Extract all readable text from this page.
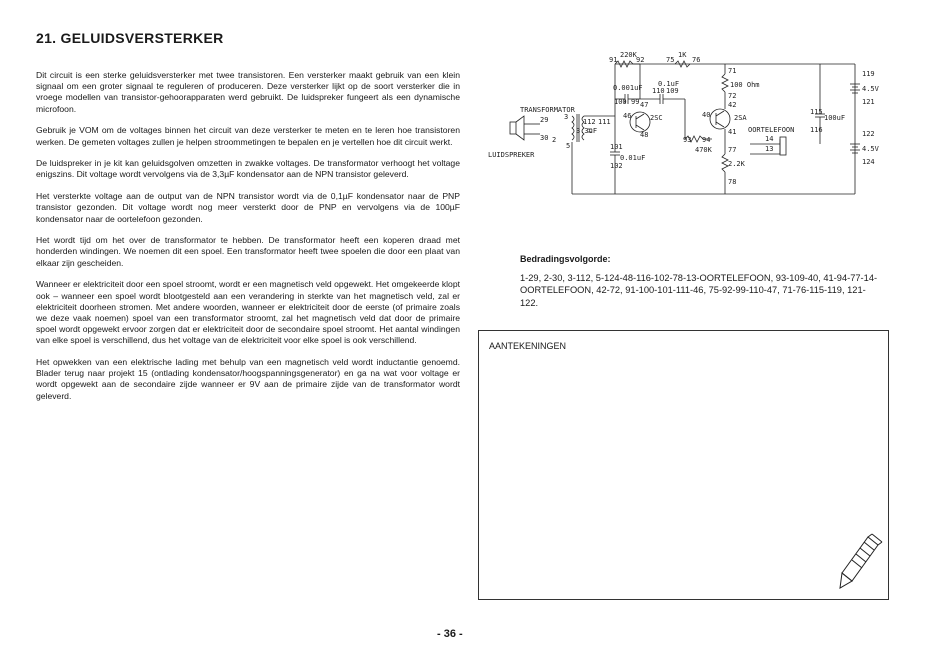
21. GELUIDSVERSTERKER

Dit circuit is een sterke geluidsversterker met twee transistoren. Een versterker maakt gebruik van een klein signaal om een groter signaal te reguleren of produceren. Deze versterker lijkt op de soort versterker die in vroege modellen van transistor-gehoorapparaten werd gebruikt. De luidspreker fungeert als een dynamische microfoon.

Gebruik je VOM om de voltages binnen het circuit van deze versterker te meten en te leren hoe transistoren werken. De gemeten voltages zullen je helpen stroommetingen te bepalen en je vertellen hoe dit circuit werkt.

De luidspreker in je kit kan geluidsgolven omzetten in zwakke voltages. De transformator verhoogt het voltage enigszins. Dit voltage wordt vervolgens via de 3,3µF kondensator aan de NPN transistor geleverd.

Het versterkte voltage aan de output van de NPN transistor wordt via de 0,1µF kondensator naar de PNP transistor gezonden. Dit voltage wordt nog meer versterkt door de PNP en vervolgens via de 100µF kondensator naar de oortelefoon gezonden.

Het wordt tijd om het over de transformator te hebben. De transformator heeft een koperen draad met honderden windingen. We noemen dit een spoel. Een transformator heeft twee spoelen die door een plaat van elkaar zijn gescheiden.

Wanneer er elektriciteit door een spoel stroomt, wordt er een magnetisch veld opgewekt. Het omgekeerde klopt ook – wanneer een spoel wordt blootgesteld aan een verandering in sterkte van het magnetisch veld, zal er elektriciteit doorheen stromen. Met andere woorden, wanneer er elektriciteit door de eerste (of primaire zoals we deze vaak noemen) spoel van een transformator stroomt, zal het magnetisch veld dat door de primaire spoel wordt opgewekt ervoor zorgen dat er elektriciteit door de secondaire spoel stroomt. Het aantal windingen van elke spoel is verschillend, dus het voltage van de elektriciteit voor elke spoel is ook verschillend.

Het opwekken van een elektrische lading met behulp van een magnetisch veld wordt inductantie genoemd. Blader terug naar projekt 15 (ontlading kondensator/hoogspanningsgenerator) en ga na wat voor voltage er wordt opgewekt aan de secondaire zijde wanneer er 9V aan de primaire zijde van de transformator wordt geleverd.

220K
91	92
1K
75	76
0.001uF
100 99
0.1uF
110 109
100 Ohm
71
72
TRANSFORMATOR
LUIDSPREKER
3.3uF
0.01uF
101
102
2SC	2SA
470K
93 94
2.2K
77
78
OORTELEFOON
100uF
4.5V
4.5V
3
112 111
29
30 2
5
46
47
48
40
42
41
14
13
115
116
119
121
122
124
Bedradingsvolgorde:
1-29, 2-30, 3-112, 5-124-48-116-102-78-13-OORTELEFOON, 93-109-40, 41-94-77-14-OORTELEFOON, 42-72, 91-100-101-111-46, 75-92-99-110-47, 71-76-115-119, 121-122.
AANTEKENINGEN
- 36 -
